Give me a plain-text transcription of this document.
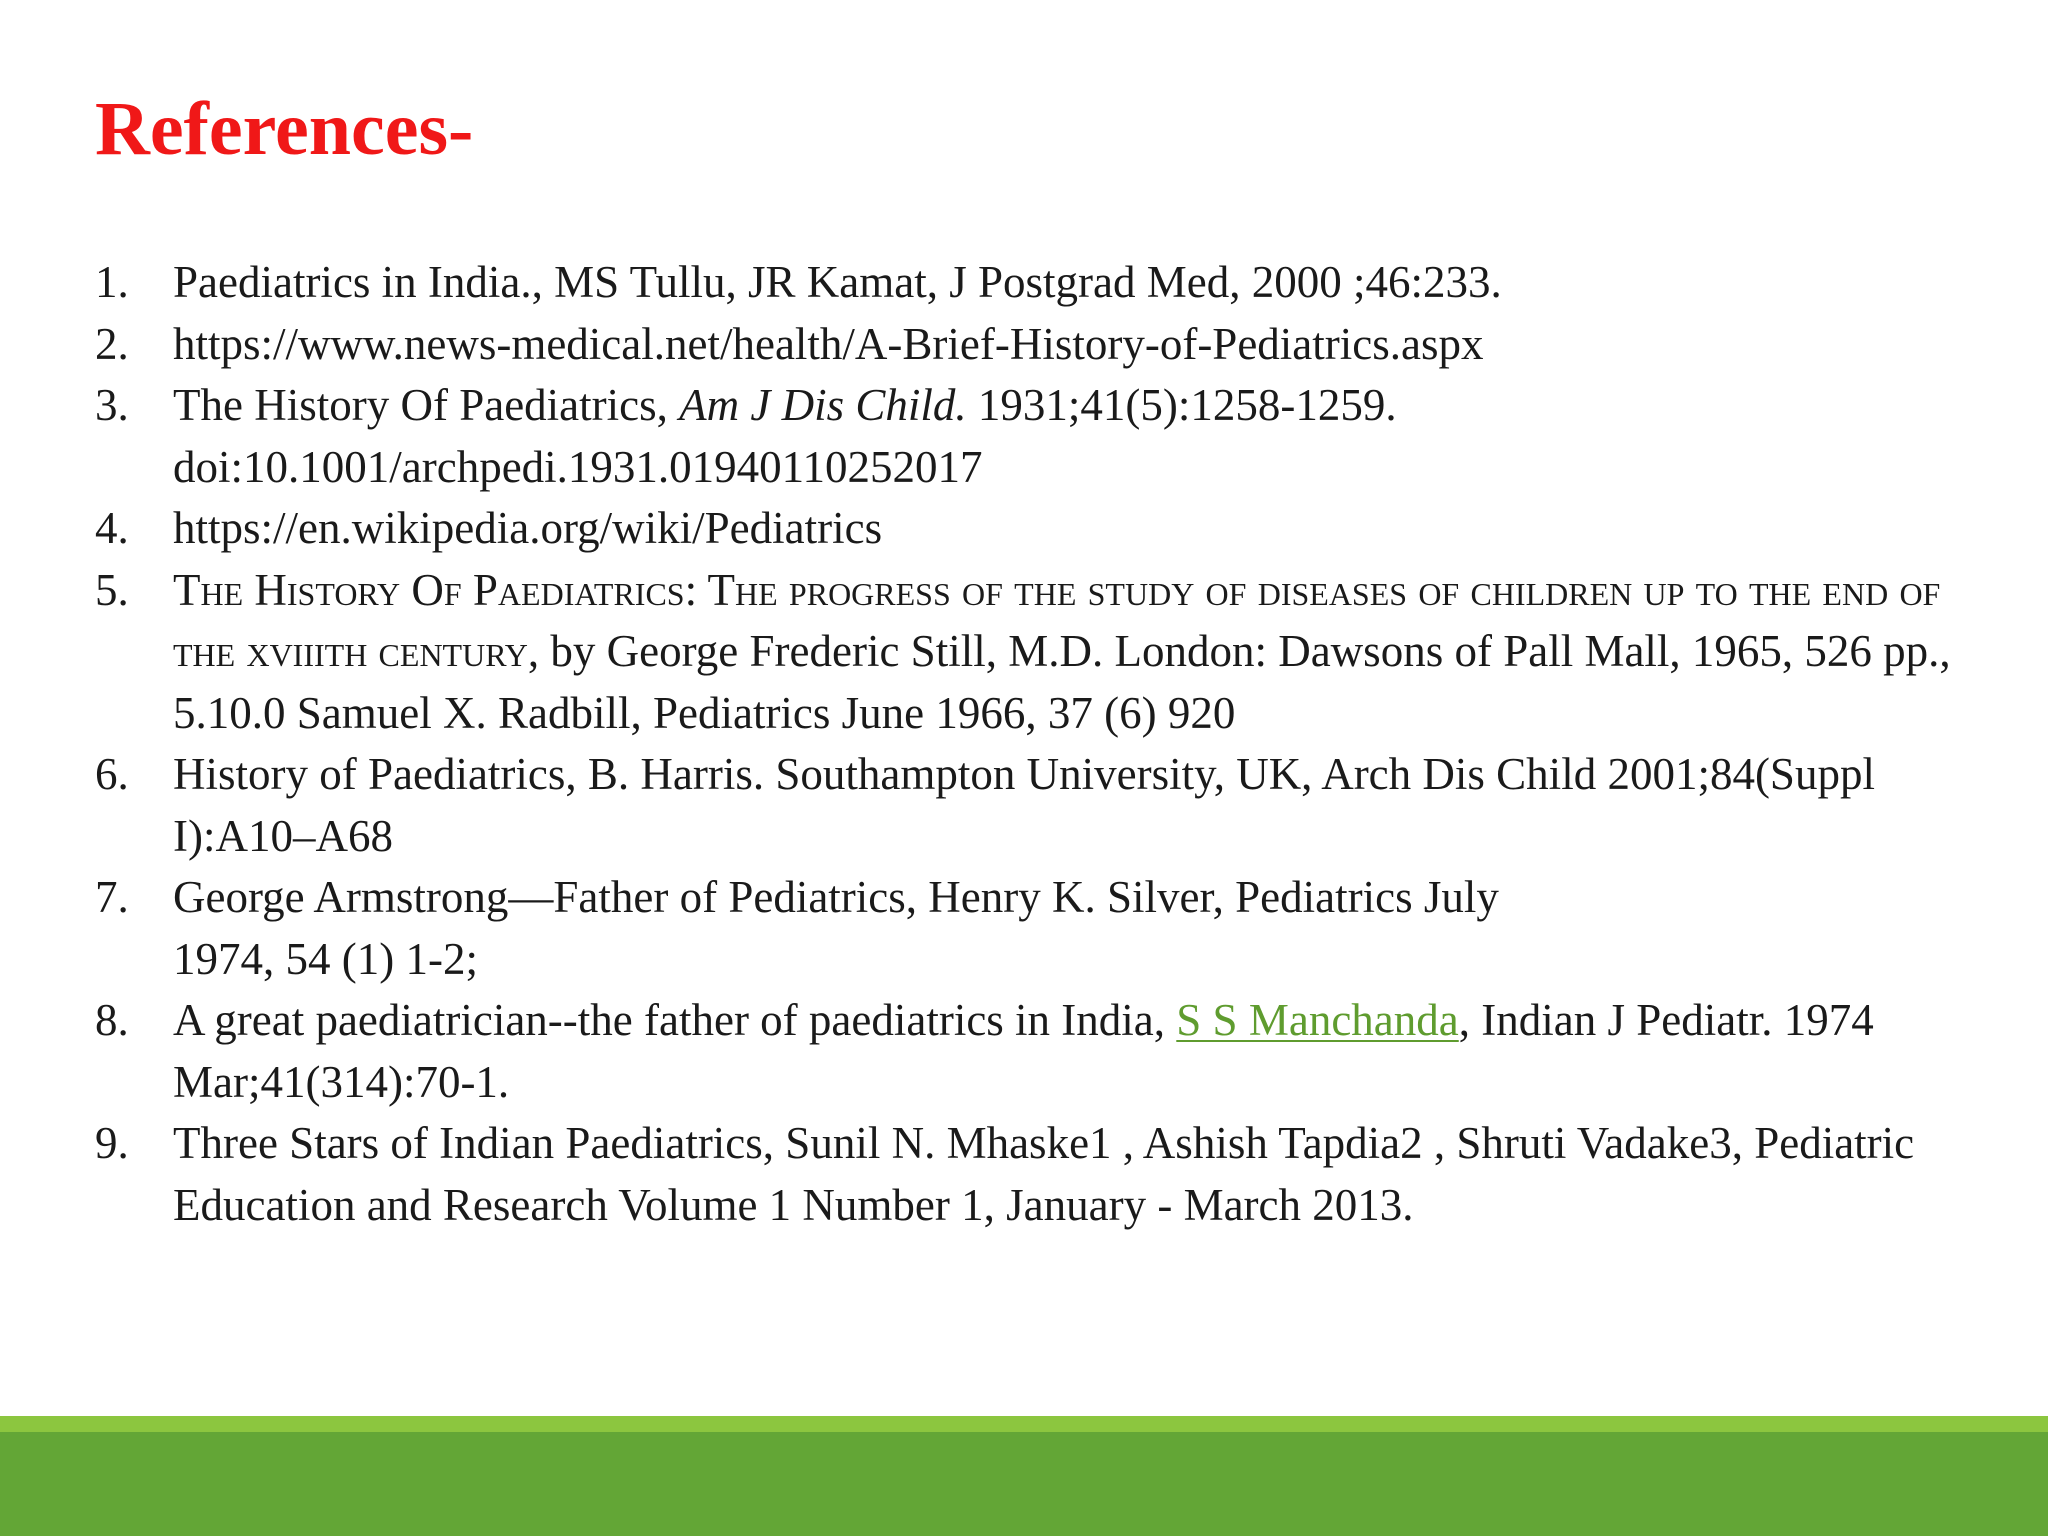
References-
1. Paediatrics in India., MS Tullu, JR Kamat, J Postgrad Med, 2000 ;46:233.
2. https://www.news-medical.net/health/A-Brief-History-of-Pediatrics.aspx
3. The History Of Paediatrics, Am J Dis Child. 1931;41(5):1258-1259. doi:10.1001/archpedi.1931.01940110252017
4. https://en.wikipedia.org/wiki/Pediatrics
5. The History Of Paediatrics: The progress of the study of diseases of children up to the end of the xviiith century, by George Frederic Still, M.D. London: Dawsons of Pall Mall, 1965, 526 pp., 5.10.0 Samuel X. Radbill, Pediatrics June 1966, 37 (6) 920
6. History of Paediatrics, B. Harris. Southampton University, UK, Arch Dis Child 2001;84(Suppl I):A10–A68
7. George Armstrong—Father of Pediatrics, Henry K. Silver, Pediatrics July
1974, 54 (1) 1-2;
8. A great paediatrician--the father of paediatrics in India, S S Manchanda, Indian J Pediatr. 1974 Mar;41(314):70-1.
9. Three Stars of Indian Paediatrics, Sunil N. Mhaske1 , Ashish Tapdia2 , Shruti Vadake3, Pediatric Education and Research Volume 1 Number 1, January - March 2013.
